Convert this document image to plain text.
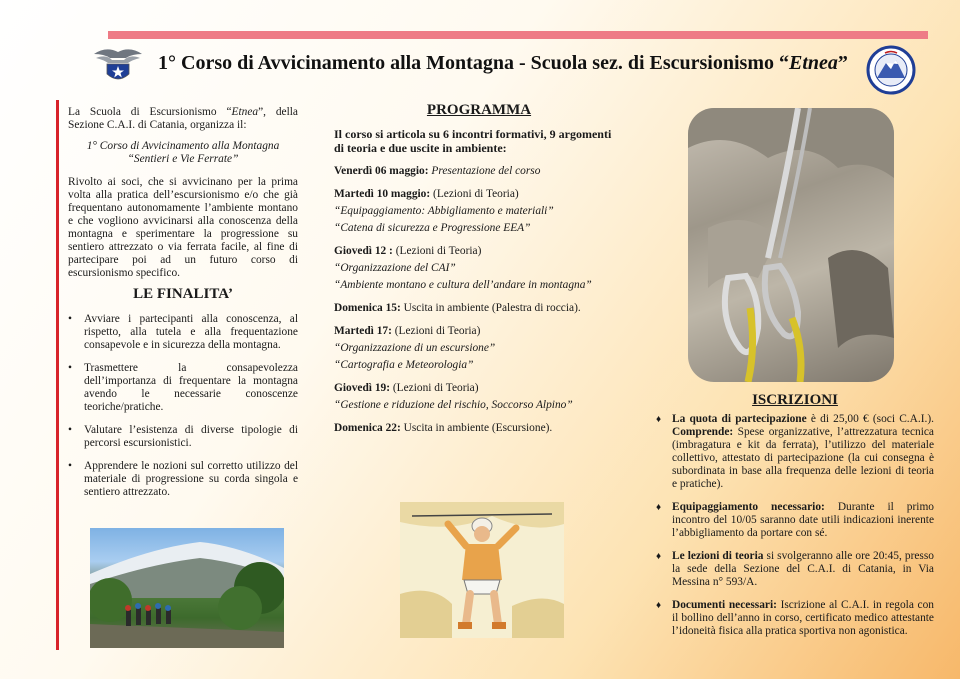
1° Corso di Avvicinamento alla Montagna - Scuola sez. di Escursionismo “Etnea”

La Scuola di Escursionismo “Etnea”, della Sezione C.A.I. di Catania, organizza il:

1° Corso di Avvicinamento alla Montagna
“Sentieri e Vie Ferrate”

Rivolto ai soci, che si avvicinano per la prima volta alla pratica dell’escursionismo e/o che già frequentano autonomamente l’ambiente montano e che vogliono avvicinarsi alla conoscenza della montagna e sperimentare la progressione su sentiero attrezzato o via ferrata facile, al fine di partecipare poi ad un futuro corso di escursionismo specifico.

LE FINALITA’
• Avviare i partecipanti alla conoscenza, al rispetto, alla tutela e alla frequentazione consapevole e in sicurezza della montagna.
• Trasmettere la consapevolezza dell’importanza di frequentare la montagna avendo le necessarie conoscenze teoriche/pratiche.
• Valutare l’esistenza di diverse tipologie di percorsi escursionistici.
• Apprendere le nozioni sul corretto utilizzo del materiale di progressione su corda singola e sentiero attrezzato.
PROGRAMMA

Il corso si articola su 6 incontri formativi, 9 argomenti di teoria e due uscite in ambiente:

Venerdì 06 maggio: Presentazione del corso

Martedì 10 maggio: (Lezioni di Teoria)

“Equipaggiamento: Abbigliamento e materiali”

“Catena di sicurezza e Progressione EEA”

Giovedì 12 : (Lezioni di Teoria)

“Organizzazione del CAI”

“Ambiente montano e cultura dell’andare in montagna”

Domenica 15: Uscita in ambiente (Palestra di roccia).

Martedì 17: (Lezioni di Teoria)

“Organizzazione di un escursione”

“Cartografia e Meteorologia”

Giovedì 19: (Lezioni di Teoria)

“Gestione e riduzione del rischio, Soccorso Alpino”

Domenica 22: Uscita in ambiente (Escursione).

ISCRIZIONI
♦ La quota di partecipazione è di 25,00 € (soci C.A.I.). Comprende: Spese organizzative, l’attrezzatura tecnica (imbragatura e kit da ferrata), l’utilizzo del materiale collettivo, attestato di partecipazione (la cui consegna è subordinata in base alla frequenza delle lezioni di teoria e pratiche).
♦ Equipaggiamento necessario: Durante il primo incontro del 10/05 saranno date utili indicazioni inerente l’abbigliamento da portare con sé.
♦ Le lezioni di teoria si svolgeranno alle ore 20:45, presso la sede della Sezione del C.A.I. di Catania, in Via Messina n° 593/A.
♦ Documenti necessari: Iscrizione al C.A.I. in regola con il bollino dell’anno in corso, certificato medico attestante l’idoneità fisica alla pratica sportiva non agonistica.
